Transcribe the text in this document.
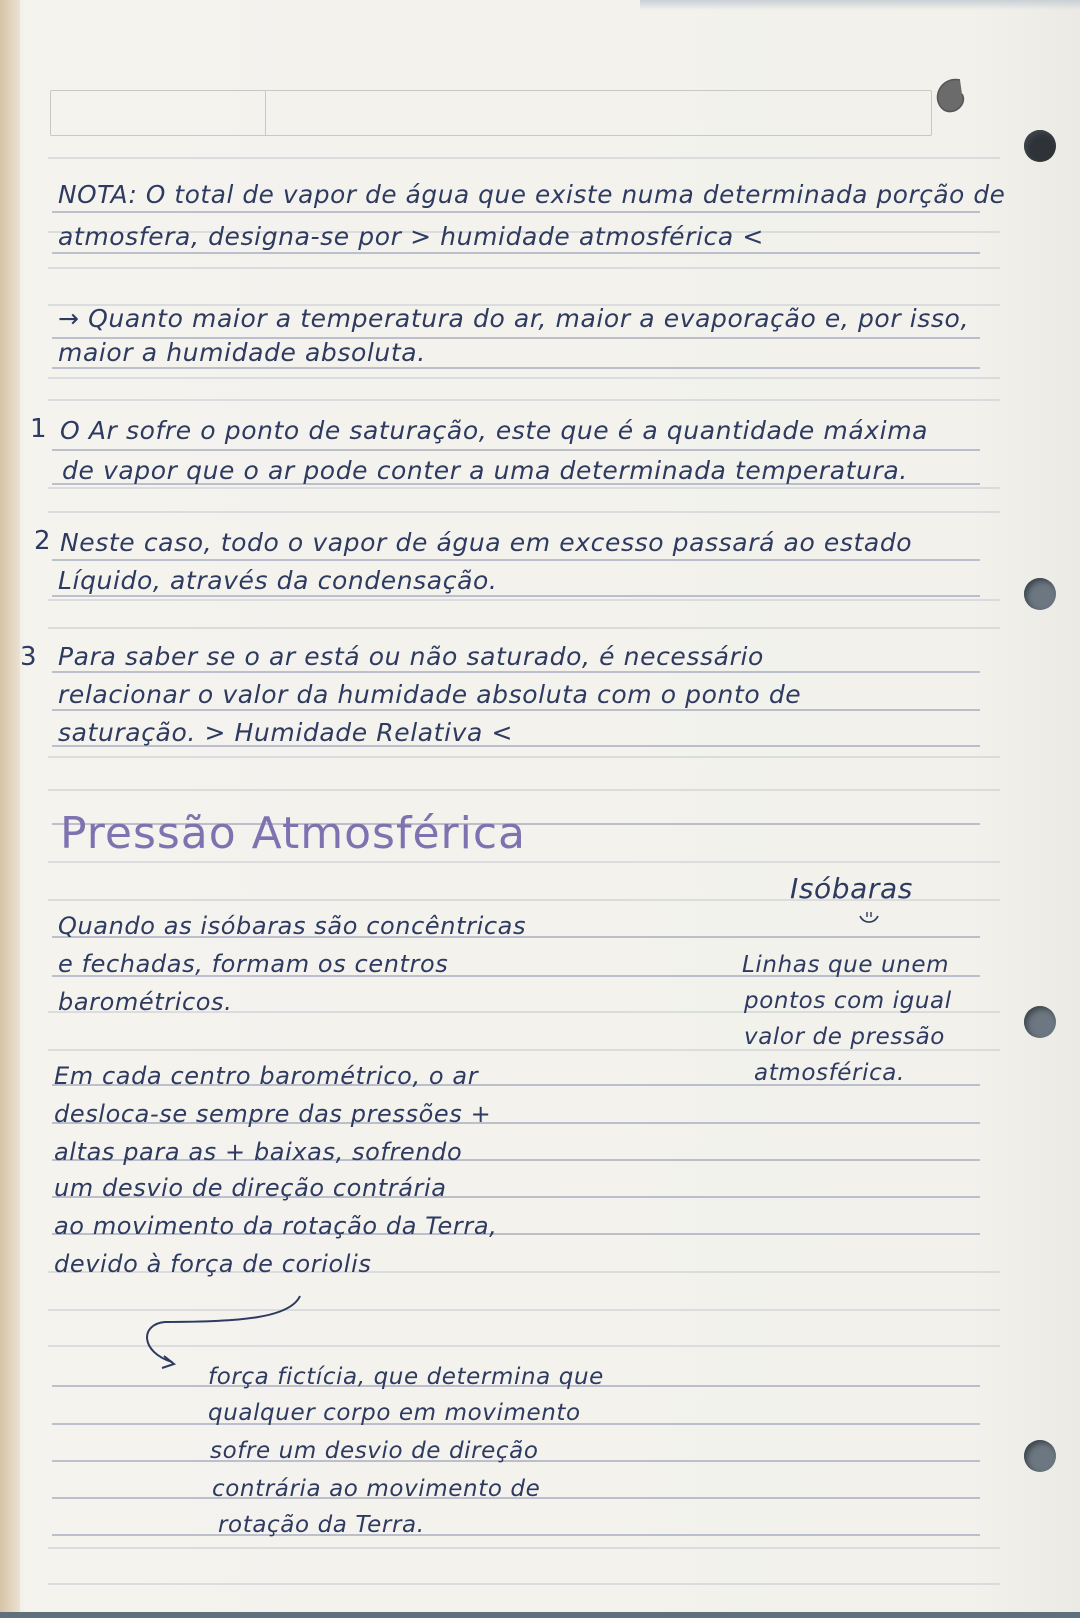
NOTA: O total de vapor de água que existe numa determinada porção de
atmosfera, designa-se por > humidade atmosférica <
→ Quanto maior a temperatura do ar, maior a evaporação e, por isso,
maior a humidade absoluta.
1 O Ar sofre o ponto de saturação, este que é a quantidade máxima
de vapor que o ar pode conter a uma determinada temperatura.
2 Neste caso, todo o vapor de água em excesso passará ao estado
Líquido, através da condensação.
3 Para saber se o ar está ou não saturado, é necessário
relacionar o valor da humidade absoluta com o ponto de
saturação. > Humidade Relativa <
Pressão Atmosférica
Isóbaras
Linhas que unem
pontos com igual
valor de pressão
atmosférica.
Quando as isóbaras são concêntricas
e fechadas, formam os centros
barométricos.
Em cada centro barométrico, o ar
desloca-se sempre das pressões +
altas para as + baixas, sofrendo
um desvio de direção contrária
ao movimento da rotação da Terra,
devido à força de coriolis
força fictícia, que determina que
qualquer corpo em movimento
sofre um desvio de direção
contrária ao movimento de
rotação da Terra.
